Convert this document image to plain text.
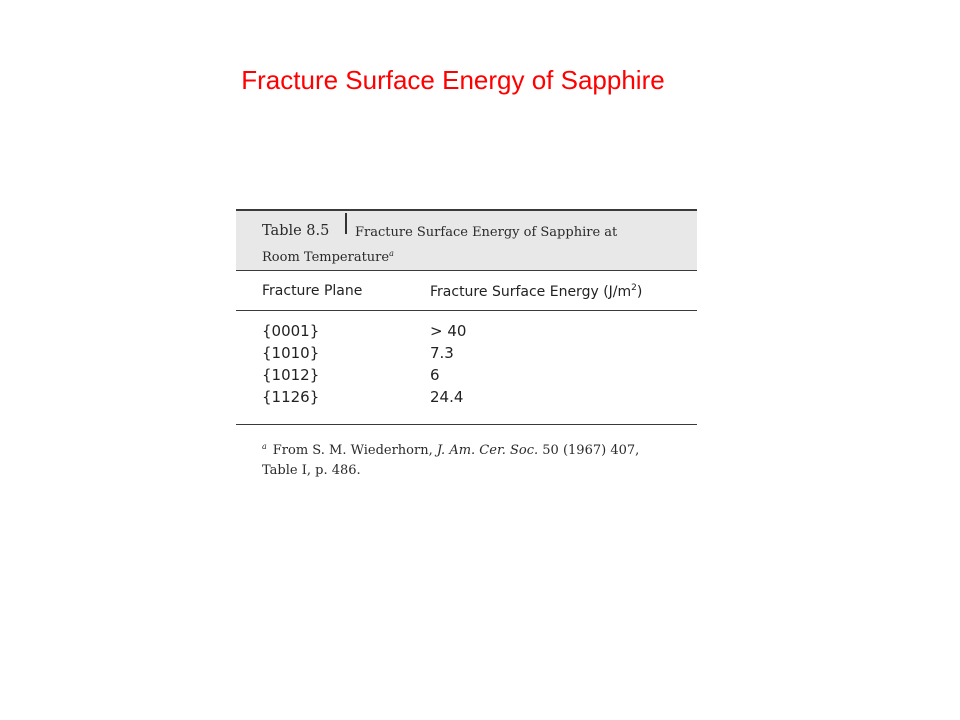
Fracture Surface Energy of Sapphire
Table 8.5 Fracture Surface Energy of Sapphire at
Room Temperature$^a$
Fracture Plane	Fracture Surface Energy $(J/m^2)$
{0001}	> 40
{1010}	7.3
{1012}	6
{1126}	24.4
$^a$ From S. M. Wiederhorn, J. Am. Cer. Soc. 50 (1967) 407,
Table I, p. 486.
